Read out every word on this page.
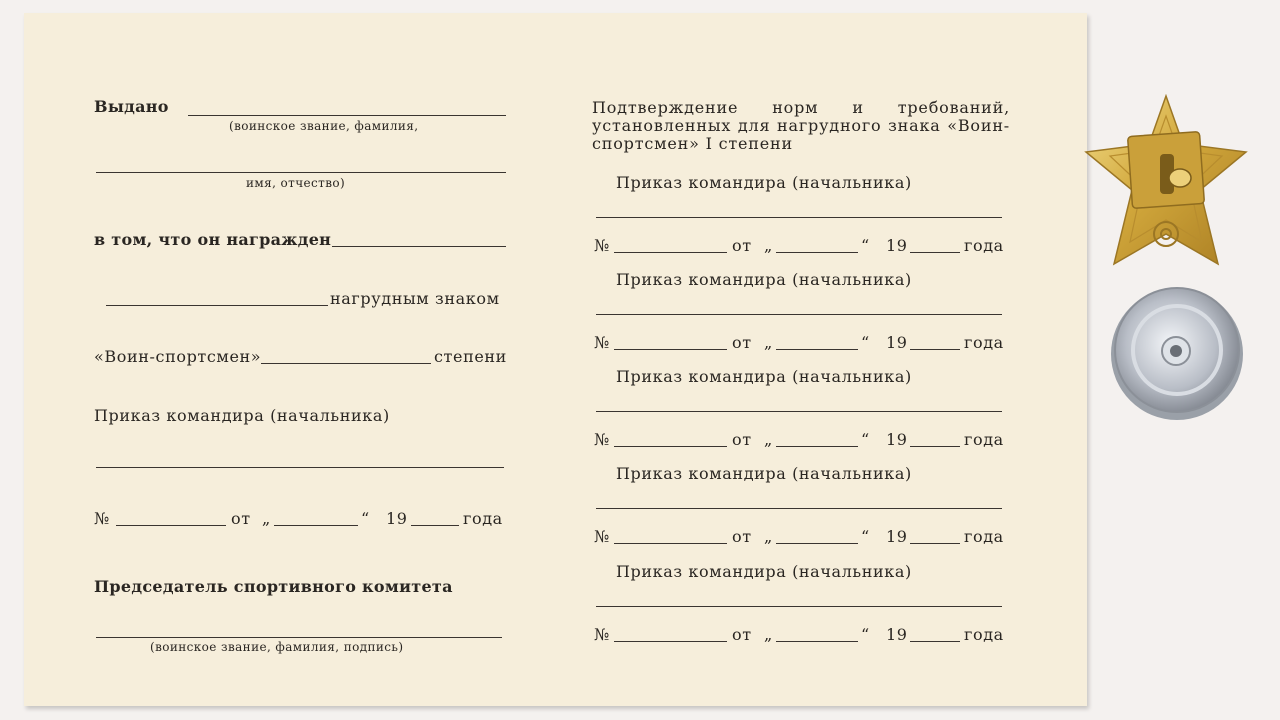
Выдано
(воинское звание, фамилия,
имя, отчество)
в том, что он награжден
нагрудным знаком
«Воин-спортсмен»	степени
Приказ командира (начальника)
№	от „	“ 19	года
Председатель спортивного комитета
(воинское звание, фамилия, подпись)
Подтверждение норм и требований, установленных для нагрудного знака «Воин-спортсмен» I степени
Приказ командира (начальника)
№	от „	“ 19	года
Приказ командира (начальника)
№	от „	“ 19	года
Приказ командира (начальника)
№	от „	“ 19	года
Приказ командира (начальника)
№	от „	“ 19	года
Приказ командира (начальника)
№	от „	“ 19	года
